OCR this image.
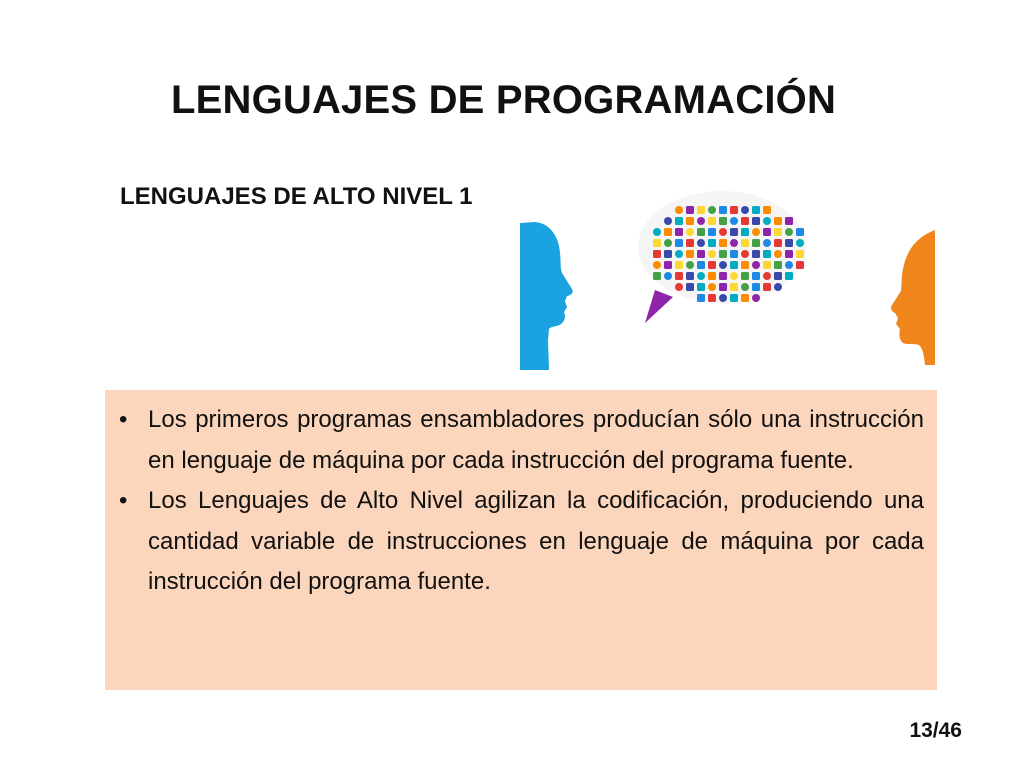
LENGUAJES DE PROGRAMACIÓN
LENGUAJES DE ALTO NIVEL 1
• Los primeros programas ensambladores producían sólo una instrucción en lenguaje de máquina por cada instrucción del programa fuente.
• Los Lenguajes de Alto Nivel agilizan la codificación, produciendo una cantidad variable de instrucciones en lenguaje de máquina por cada instrucción del programa fuente.
13/46
